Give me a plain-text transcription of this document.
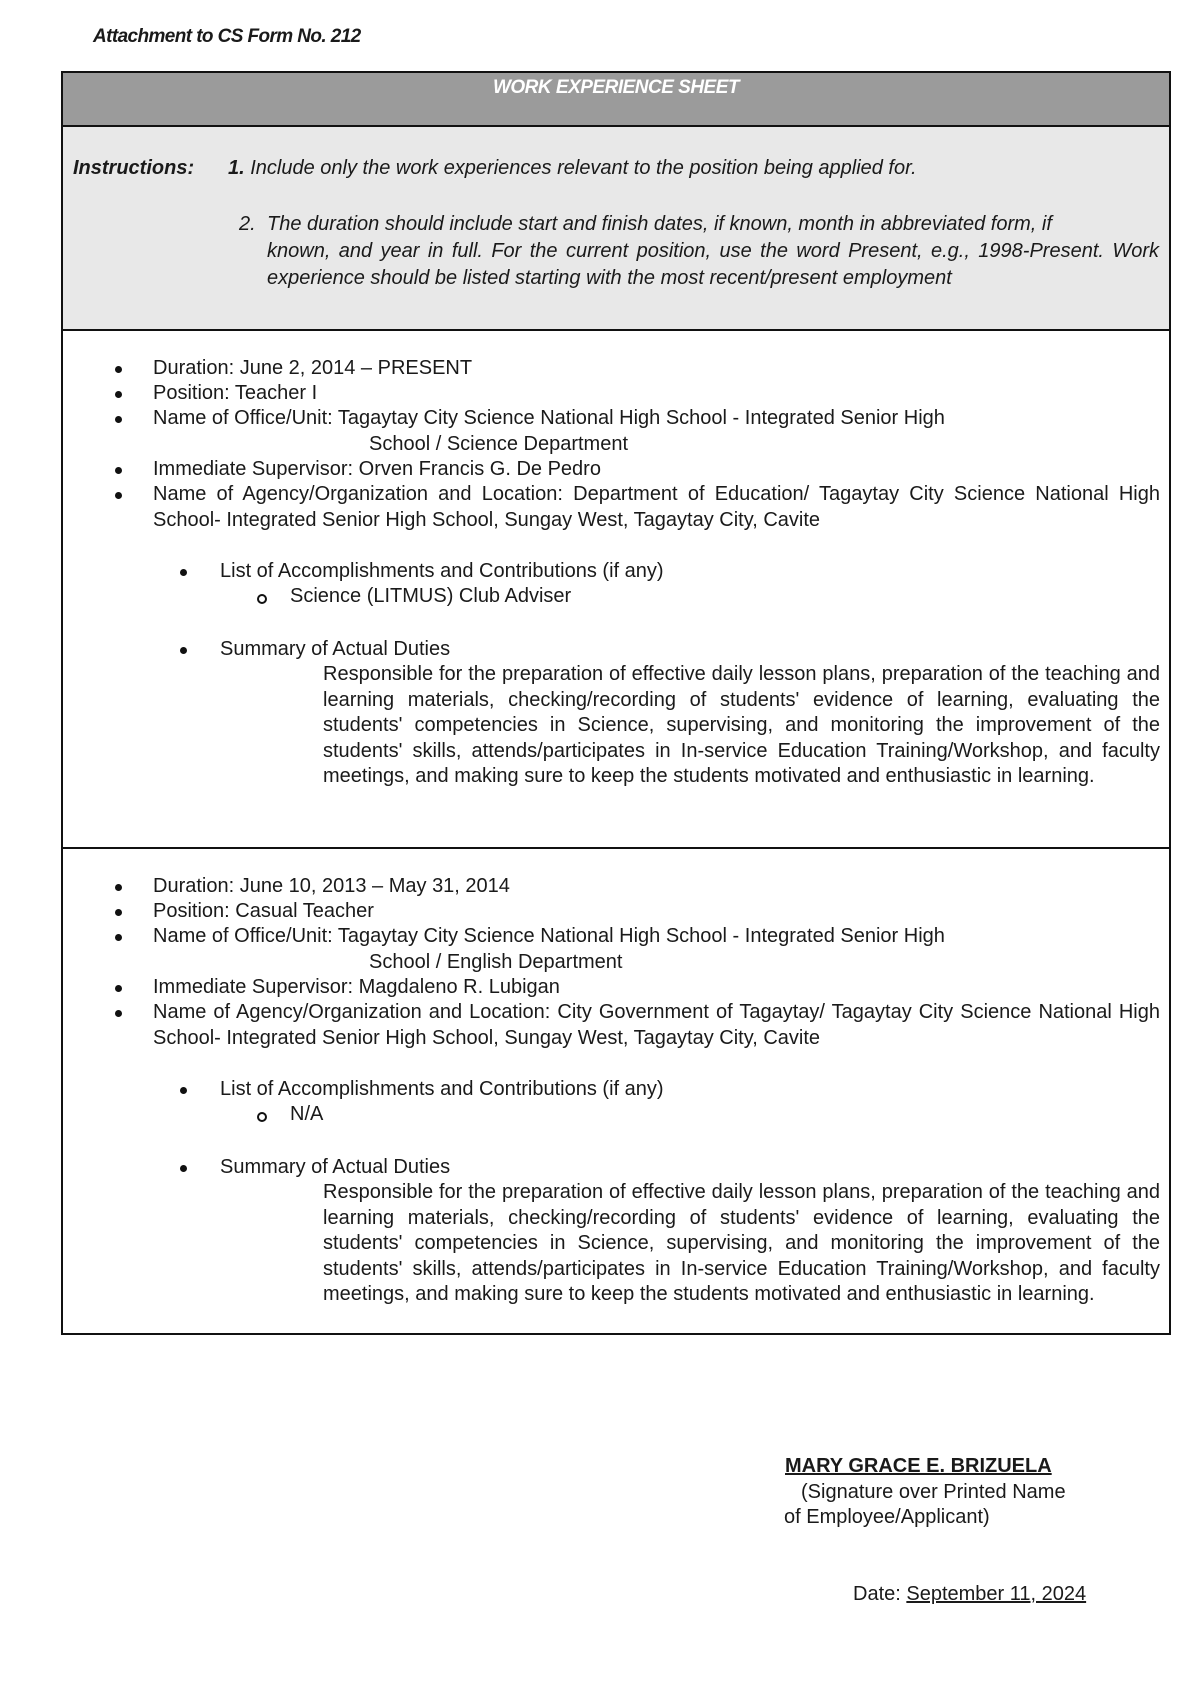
Attachment to CS Form No. 212
WORK EXPERIENCE SHEET
Instructions: 1. Include only the work experiences relevant to the position being applied for.
2. The duration should include start and finish dates, if known, month in abbreviated form, if
known, and year in full. For the current position, use the word Present, e.g., 1998-Present. Work experience should be listed starting with the most recent/present employment
Duration: June 2, 2014 – PRESENT
Position: Teacher I
Name of Office/Unit: Tagaytay City Science National High School - Integrated Senior High
School / Science Department
Immediate Supervisor: Orven Francis G. De Pedro
Name of Agency/Organization and Location: Department of Education/ Tagaytay City Science National High School- Integrated Senior High School, Sungay West, Tagaytay City, Cavite
List of Accomplishments and Contributions (if any)
Science (LITMUS) Club Adviser
Summary of Actual Duties
Responsible for the preparation of effective daily lesson plans, preparation of the teaching and learning materials, checking/recording of students' evidence of learning, evaluating the students' competencies in Science, supervising, and monitoring the improvement of the students' skills, attends/participates in In-service Education Training/Workshop, and faculty meetings, and making sure to keep the students motivated and enthusiastic in learning.
Duration: June 10, 2013 – May 31, 2014
Position: Casual Teacher
Name of Office/Unit: Tagaytay City Science National High School - Integrated Senior High
School / English Department
Immediate Supervisor: Magdaleno R. Lubigan
Name of Agency/Organization and Location: City Government of Tagaytay/ Tagaytay City Science National High School- Integrated Senior High School, Sungay West, Tagaytay City, Cavite
List of Accomplishments and Contributions (if any)
N/A
Summary of Actual Duties
Responsible for the preparation of effective daily lesson plans, preparation of the teaching and learning materials, checking/recording of students' evidence of learning, evaluating the students' competencies in Science, supervising, and monitoring the improvement of the students' skills, attends/participates in In-service Education Training/Workshop, and faculty meetings, and making sure to keep the students motivated and enthusiastic in learning.
MARY GRACE E. BRIZUELA
(Signature over Printed Name
of Employee/Applicant)
Date: September 11, 2024
